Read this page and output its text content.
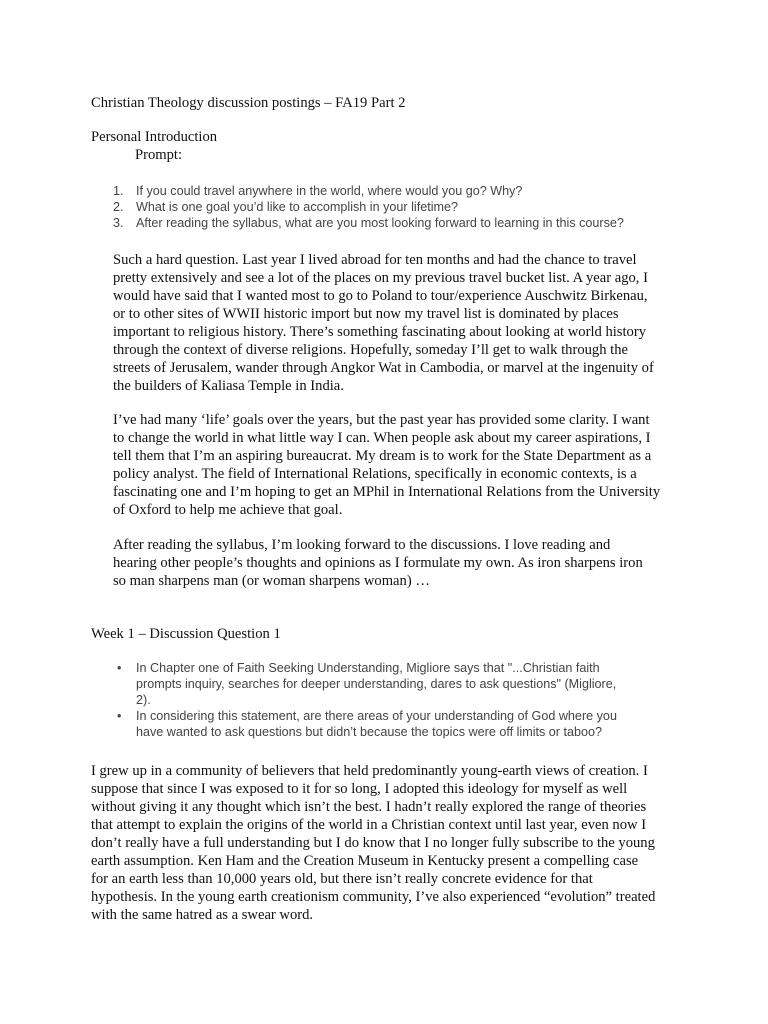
Christian Theology discussion postings – FA19 Part 2
Personal Introduction
Prompt:
1. If you could travel anywhere in the world, where would you go? Why?
2. What is one goal you’d like to accomplish in your lifetime?
3. After reading the syllabus, what are you most looking forward to learning in this course?

Such a hard question. Last year I lived abroad for ten months and had the chance to travel
pretty extensively and see a lot of the places on my previous travel bucket list. A year ago, I
would have said that I wanted most to go to Poland to tour/experience Auschwitz Birkenau,
or to other sites of WWII historic import but now my travel list is dominated by places
important to religious history. There’s something fascinating about looking at world history
through the context of diverse religions. Hopefully, someday I’ll get to walk through the
streets of Jerusalem, wander through Angkor Wat in Cambodia, or marvel at the ingenuity of
the builders of Kaliasa Temple in India.

I’ve had many ‘life’ goals over the years, but the past year has provided some clarity. I want
to change the world in what little way I can. When people ask about my career aspirations, I
tell them that I’m an aspiring bureaucrat. My dream is to work for the State Department as a
policy analyst. The field of International Relations, specifically in economic contexts, is a
fascinating one and I’m hoping to get an MPhil in International Relations from the University
of Oxford to help me achieve that goal.

After reading the syllabus, I’m looking forward to the discussions. I love reading and
hearing other people’s thoughts and opinions as I formulate my own. As iron sharpens iron
so man sharpens man (or woman sharpens woman) …

Week 1 – Discussion Question 1
• In Chapter one of Faith Seeking Understanding, Migliore says that "...Christian faith
prompts inquiry, searches for deeper understanding, dares to ask questions" (Migliore,
2).
• In considering this statement, are there areas of your understanding of God where you
have wanted to ask questions but didn’t because the topics were off limits or taboo?

I grew up in a community of believers that held predominantly young-earth views of creation. I
suppose that since I was exposed to it for so long, I adopted this ideology for myself as well
without giving it any thought which isn’t the best. I hadn’t really explored the range of theories
that attempt to explain the origins of the world in a Christian context until last year, even now I
don’t really have a full understanding but I do know that I no longer fully subscribe to the young
earth assumption. Ken Ham and the Creation Museum in Kentucky present a compelling case
for an earth less than 10,000 years old, but there isn’t really concrete evidence for that
hypothesis. In the young earth creationism community, I’ve also experienced “evolution” treated
with the same hatred as a swear word.
